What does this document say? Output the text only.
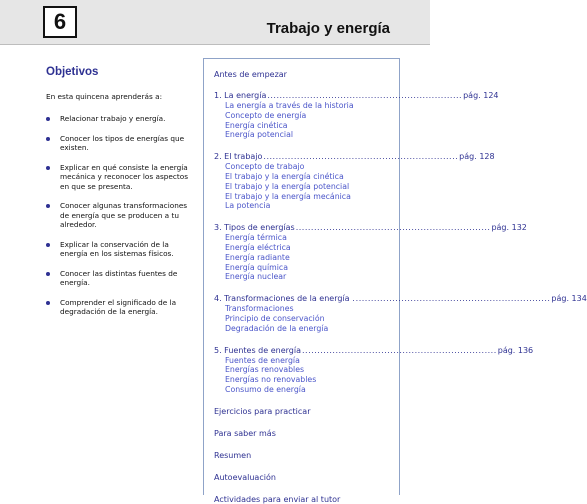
6	Trabajo y energía
Objetivos
En esta quincena aprenderás a:
Relacionar trabajo y energía.
Conocer los tipos de energías que existen.
Explicar en qué consiste la energía mecánica y reconocer los aspectos en que se presenta.
Conocer algunas transformaciones de energía que se producen a tu alrededor.
Explicar la conservación de la energía en los sistemas físicos.
Conocer las distintas fuentes de energía.
Comprender el significado de la degradación de la energía.
Antes de empezar
1. La energía .....	pág. 124
La energía a través de la historia
Concepto de energía
Energía cinética
Energía potencial
2. El trabajo .....	pág. 128
Concepto de trabajo
El trabajo y la energía cinética
El trabajo y la energía potencial
El trabajo y la energía mecánica
La potencia
3. Tipos de energías .....	pág. 132
Energía térmica
Energía eléctrica
Energía radiante
Energía química
Energía nuclear
4. Transformaciones de la energía . .....	pág. 134
Transformaciones
Principio de conservación
Degradación de la energía
5. Fuentes de energía .....	pág. 136
Fuentes de energía
Energías renovables
Energías no renovables
Consumo de energía
Ejercicios para practicar
Para saber más
Resumen
Autoevaluación
Actividades para enviar al tutor
